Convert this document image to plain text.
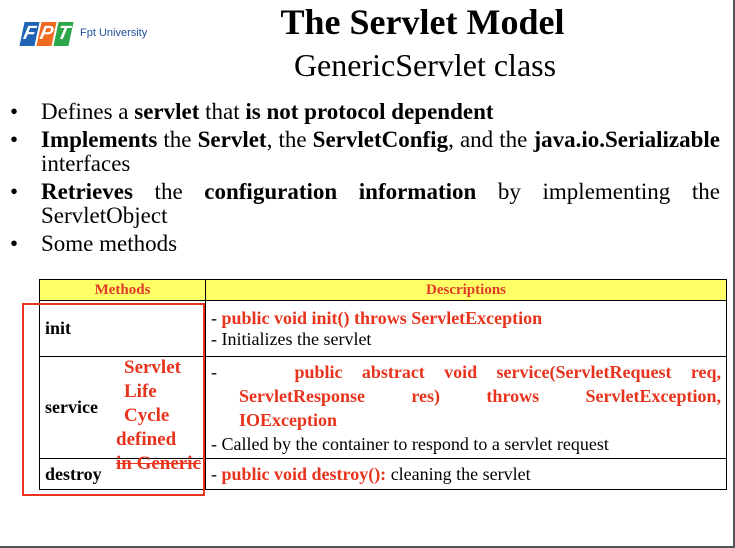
F P T Fpt University	The Servlet Model
GenericServlet class
• Defines a servlet that is not protocol dependent
• Implements the Servlet, the ServletConfig, and the java.io.Serializable interfaces
• Retrieves the configuration information by implementing the ServletObject
• Some methods
Methods	Descriptions
init	- public void init() throws ServletException
- Initializes the servlet

service	-    public abstract void service(ServletRequest req,
ServletResponse res) throws ServletException,
IOException
- Called by the container to respond to a servlet request

destroy	- public void destroy(): cleaning the servlet
Servlet
Life
Cycle
defined
in Generic
